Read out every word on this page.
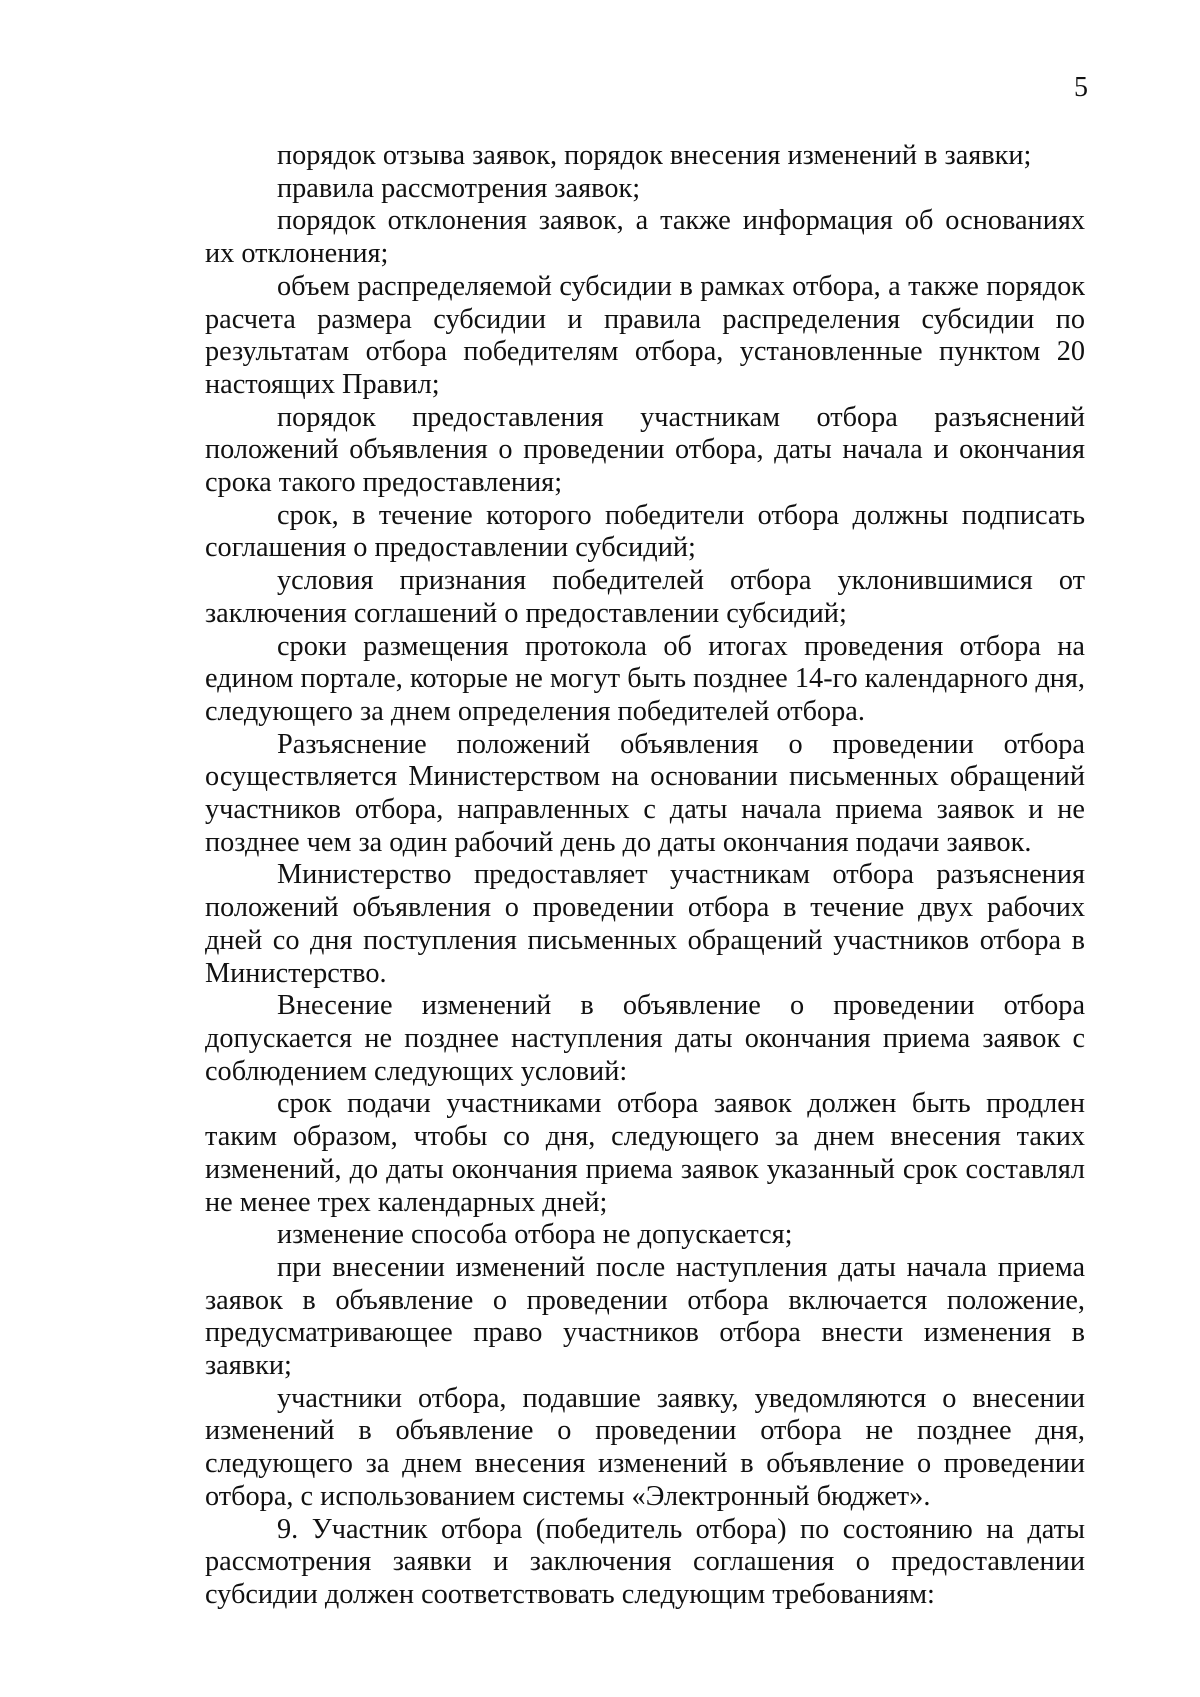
5

порядок отзыва заявок, порядок внесения изменений в заявки;

правила рассмотрения заявок;

порядок отклонения заявок, а также информация об основаниях их отклонения;

объем распределяемой субсидии в рамках отбора, а также порядок расчета размера субсидии и правила распределения субсидии по результатам отбора победителям отбора, установленные пунктом 20 настоящих Правил;

порядок предоставления участникам отбора разъяснений положений объявления о проведении отбора, даты начала и окончания срока такого предоставления;

срок, в течение которого победители отбора должны подписать соглашения о предоставлении субсидий;

условия признания победителей отбора уклонившимися от заключения соглашений о предоставлении субсидий;

сроки размещения протокола об итогах проведения отбора на едином портале, которые не могут быть позднее 14-го календарного дня, следующего за днем определения победителей отбора.

Разъяснение положений объявления о проведении отбора осуществляется Министерством на основании письменных обращений участников отбора, направленных с даты начала приема заявок и не позднее чем за один рабочий день до даты окончания подачи заявок.

Министерство предоставляет участникам отбора разъяснения положений объявления о проведении отбора в течение двух рабочих дней со дня поступления письменных обращений участников отбора в Министерство.

Внесение изменений в объявление о проведении отбора допускается не позднее наступления даты окончания приема заявок с соблюдением следующих условий:

срок подачи участниками отбора заявок должен быть продлен таким образом, чтобы со дня, следующего за днем внесения таких изменений, до даты окончания приема заявок указанный срок составлял не менее трех календарных дней;

изменение способа отбора не допускается;

при внесении изменений после наступления даты начала приема заявок в объявление о проведении отбора включается положение, предусматривающее право участников отбора внести изменения в заявки;

участники отбора, подавшие заявку, уведомляются о внесении изменений в объявление о проведении отбора не позднее дня, следующего за днем внесения изменений в объявление о проведении отбора, с использованием системы «Электронный бюджет».

9. Участник отбора (победитель отбора) по состоянию на даты рассмотрения заявки и заключения соглашения о предоставлении субсидии должен соответствовать следующим требованиям:
